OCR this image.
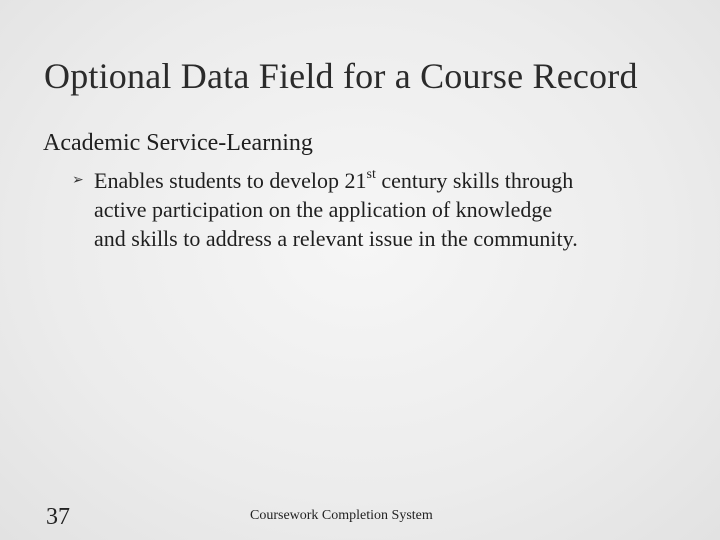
Optional Data Field for a Course Record
Academic Service-Learning
➢ Enables students to develop 21st century skills through
active participation on the application of knowledge
and skills to address a relevant issue in the community.
37	Coursework Completion System
